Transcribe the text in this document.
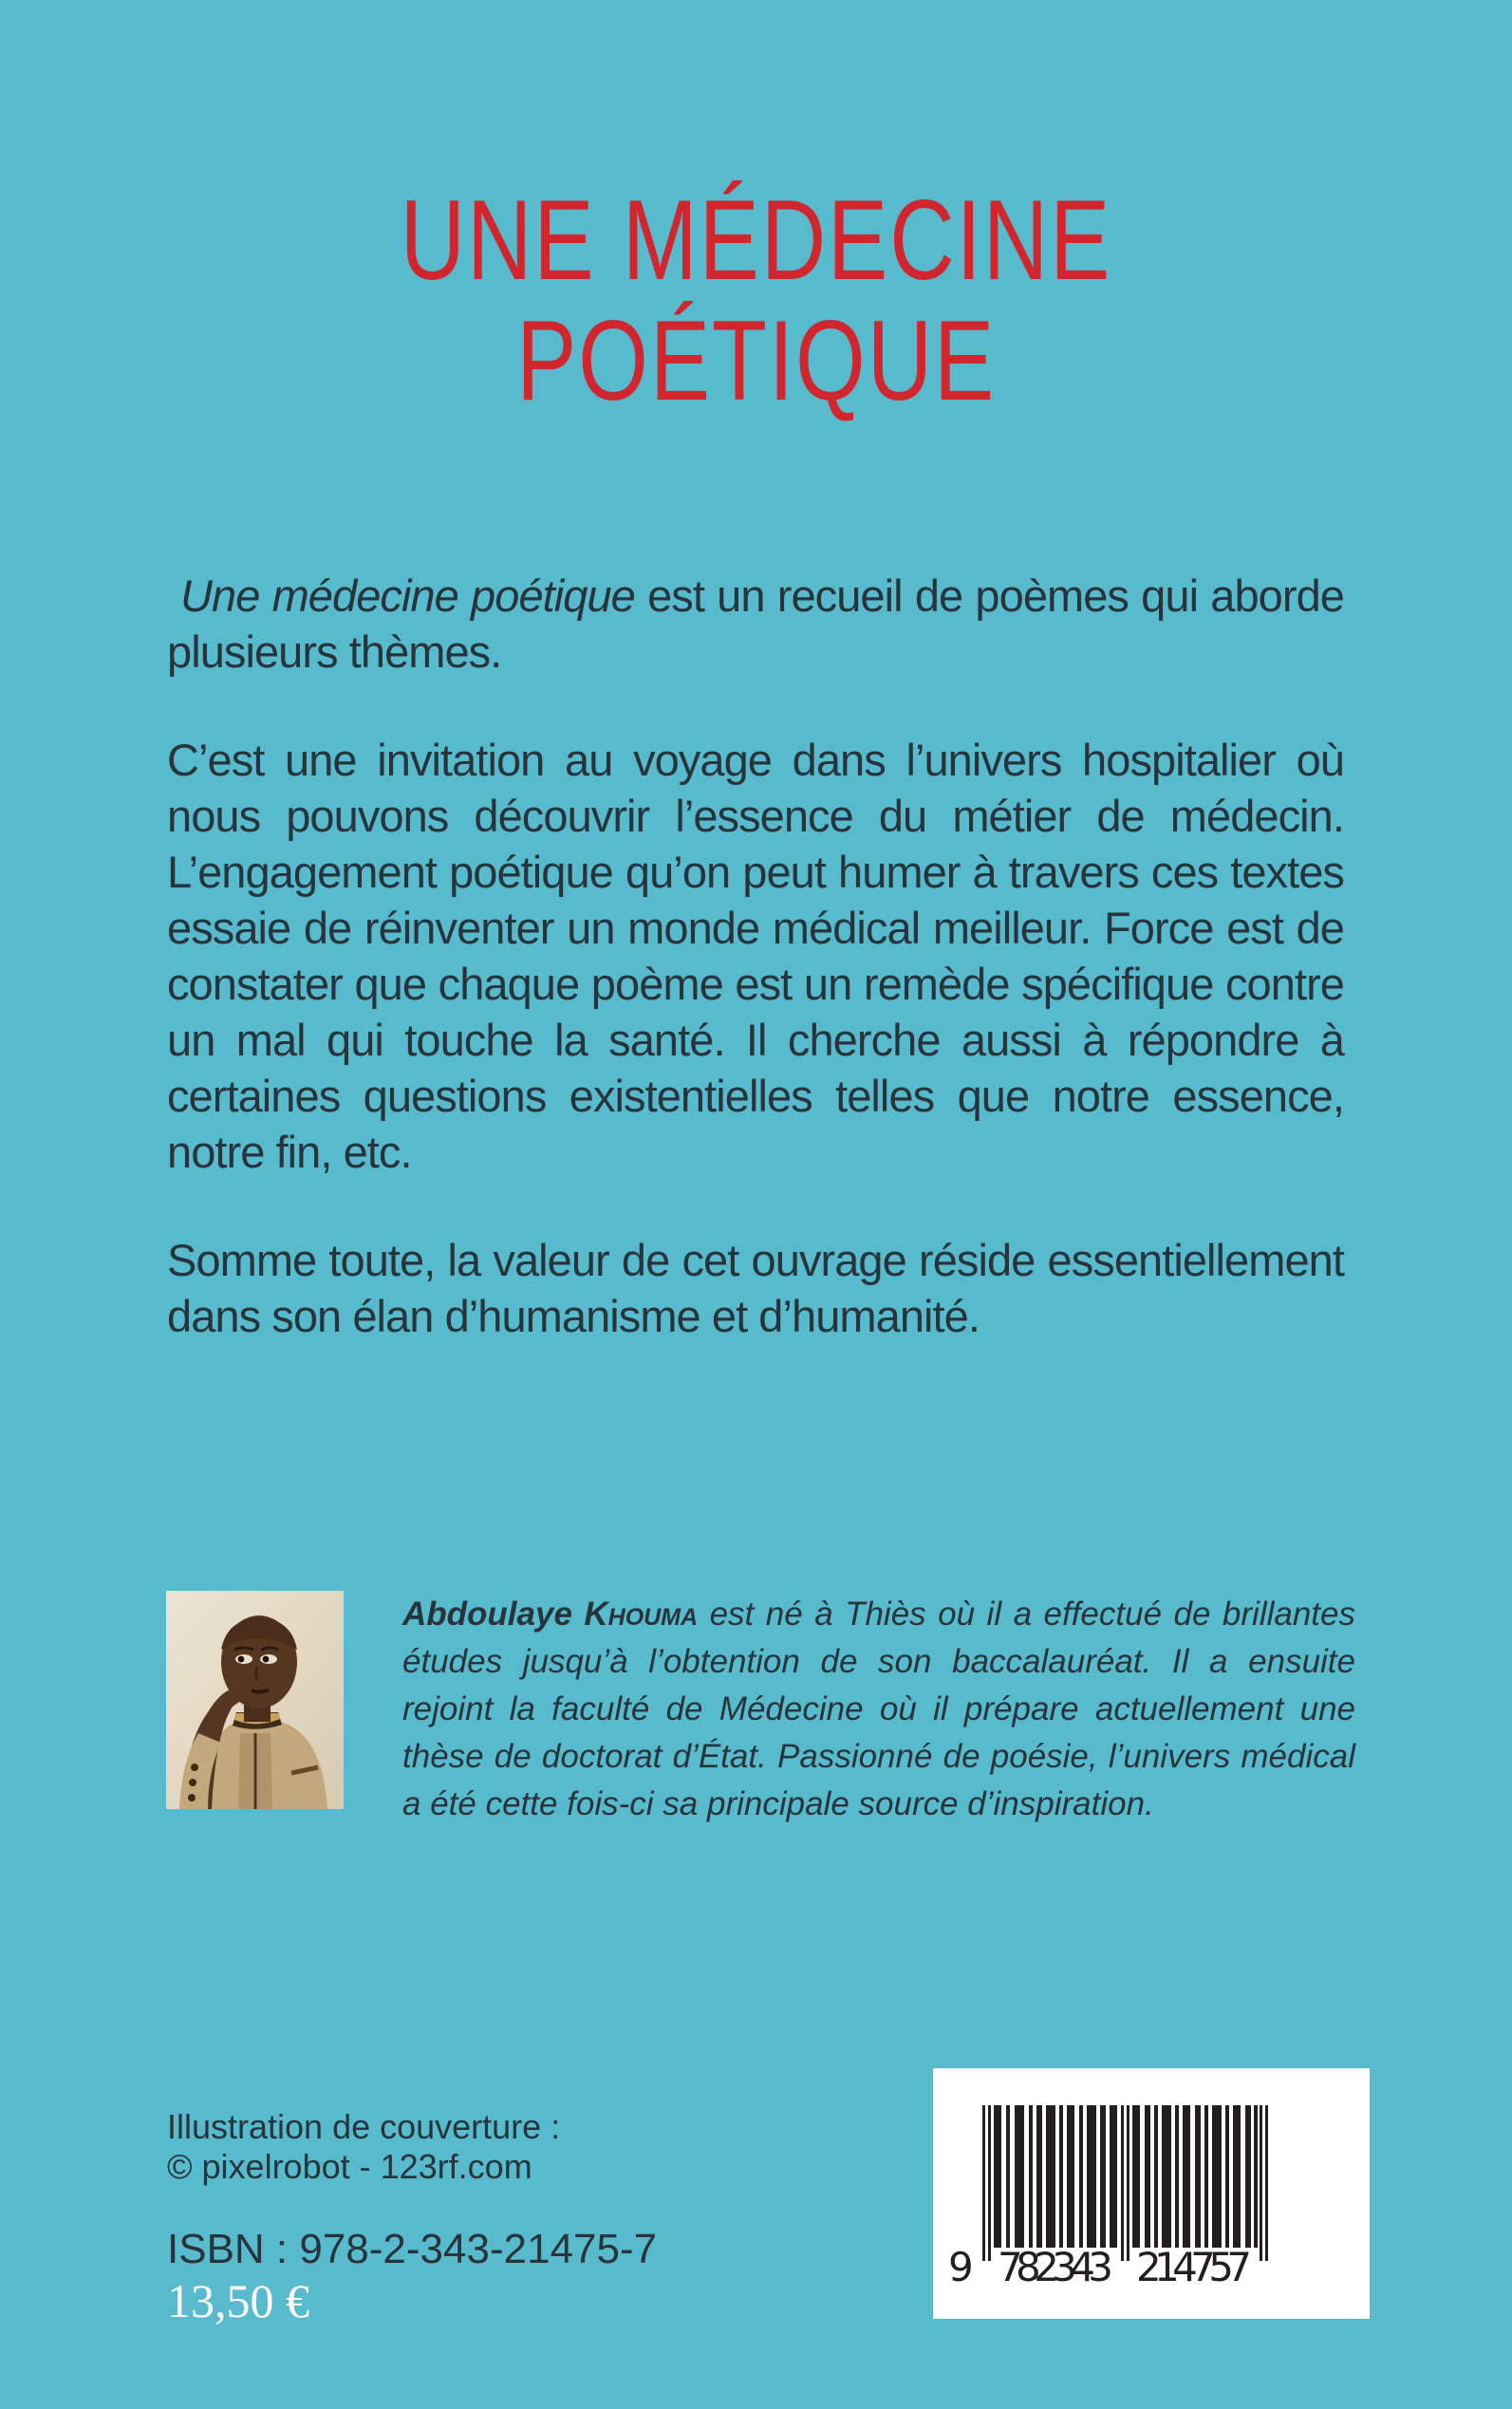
UNE MÉDECINE
POÉTIQUE

Une médecine poétique est un recueil de poèmes qui aborde plusieurs thèmes.

C’est une invitation au voyage dans l’univers hospitalier où nous pouvons découvrir l’essence du métier de médecin. L’engagement poétique qu’on peut humer à travers ces textes essaie de réinventer un monde médical meilleur. Force est de constater que chaque poème est un remède spécifique contre un mal qui touche la santé. Il cherche aussi à répondre à certaines questions existentielles telles que notre essence, notre fin, etc.

Somme toute, la valeur de cet ouvrage réside essentiellement dans son élan d’humanisme et d’humanité.

Abdoulaye Khouma est né à Thiès où il a effectué de brillantes études jusqu’à l’obtention de son baccalauréat. Il a ensuite rejoint la faculté de Médecine où il prépare actuellement une thèse de doctorat d’État. Passionné de poésie, l’univers médical a été cette fois-ci sa principale source d’inspiration.
Illustration de couverture :
© pixelrobot - 123rf.com
ISBN : 978-2-343-21475-7
13,50 €
9 782343 214757
